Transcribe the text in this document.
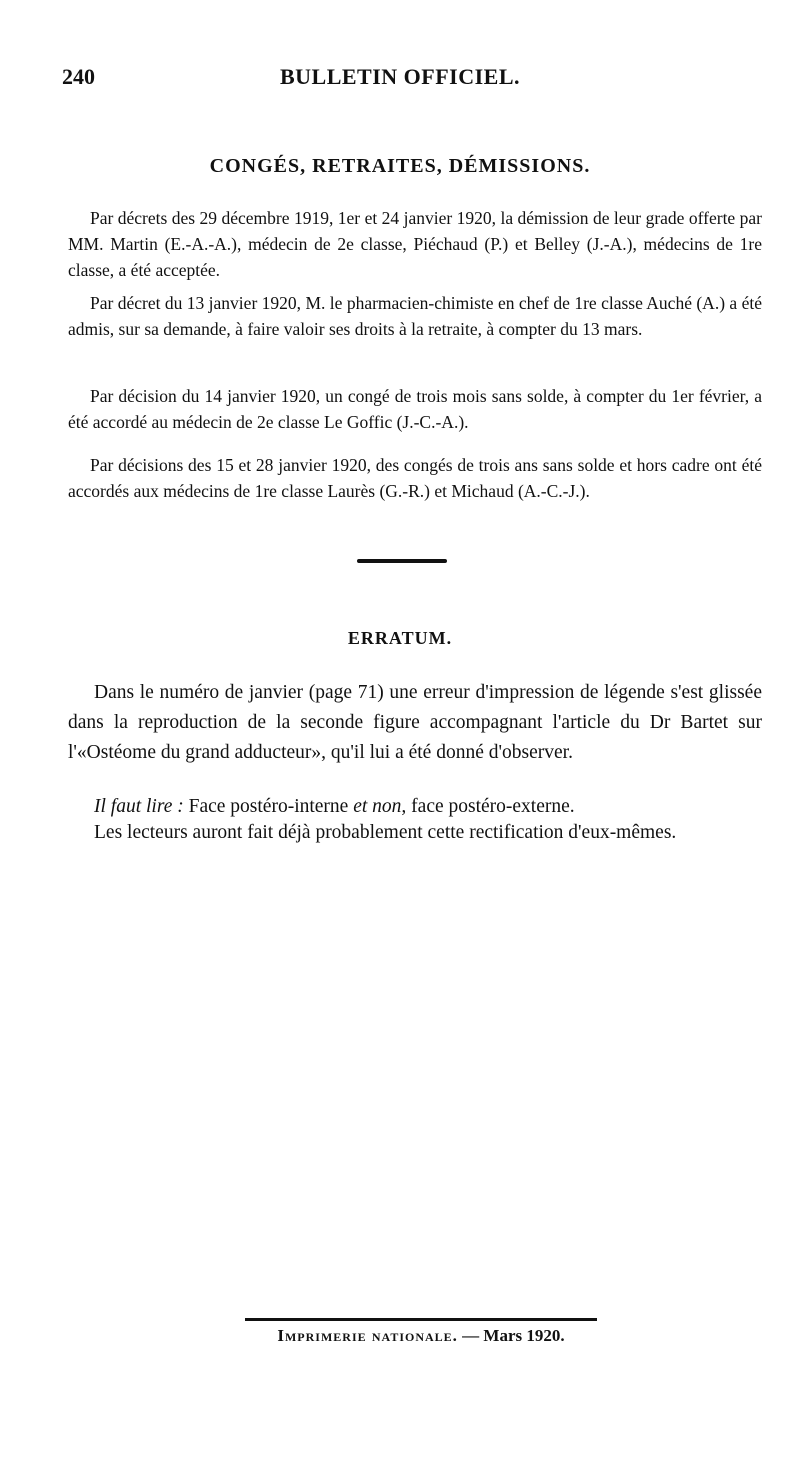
240	BULLETIN OFFICIEL.
CONGÉS, RETRAITES, DÉMISSIONS.
Par décrets des 29 décembre 1919, 1er et 24 janvier 1920, la démission de leur grade offerte par MM. Martin (E.-A.-A.), médecin de 2e classe, Piéchaud (P.) et Belley (J.-A.), médecins de 1re classe, a été acceptée.
Par décret du 13 janvier 1920, M. le pharmacien-chimiste en chef de 1re classe Auché (A.) a été admis, sur sa demande, à faire valoir ses droits à la retraite, à compter du 13 mars.
Par décision du 14 janvier 1920, un congé de trois mois sans solde, à compter du 1er février, a été accordé au médecin de 2e classe Le Goffic (J.-C.-A.).
Par décisions des 15 et 28 janvier 1920, des congés de trois ans sans solde et hors cadre ont été accordés aux médecins de 1re classe Laurès (G.-R.) et Michaud (A.-C.-J.).
ERRATUM.
Dans le numéro de janvier (page 71) une erreur d'impression de légende s'est glissée dans la reproduction de la seconde figure accompagnant l'article du Dr Bartet sur l'«Ostéome du grand adducteur», qu'il lui a été donné d'observer.
Il faut lire : Face postéro-interne et non, face postéro-externe.
Les lecteurs auront fait déjà probablement cette rectification d'eux-mêmes.
Imprimerie nationale. — Mars 1920.
